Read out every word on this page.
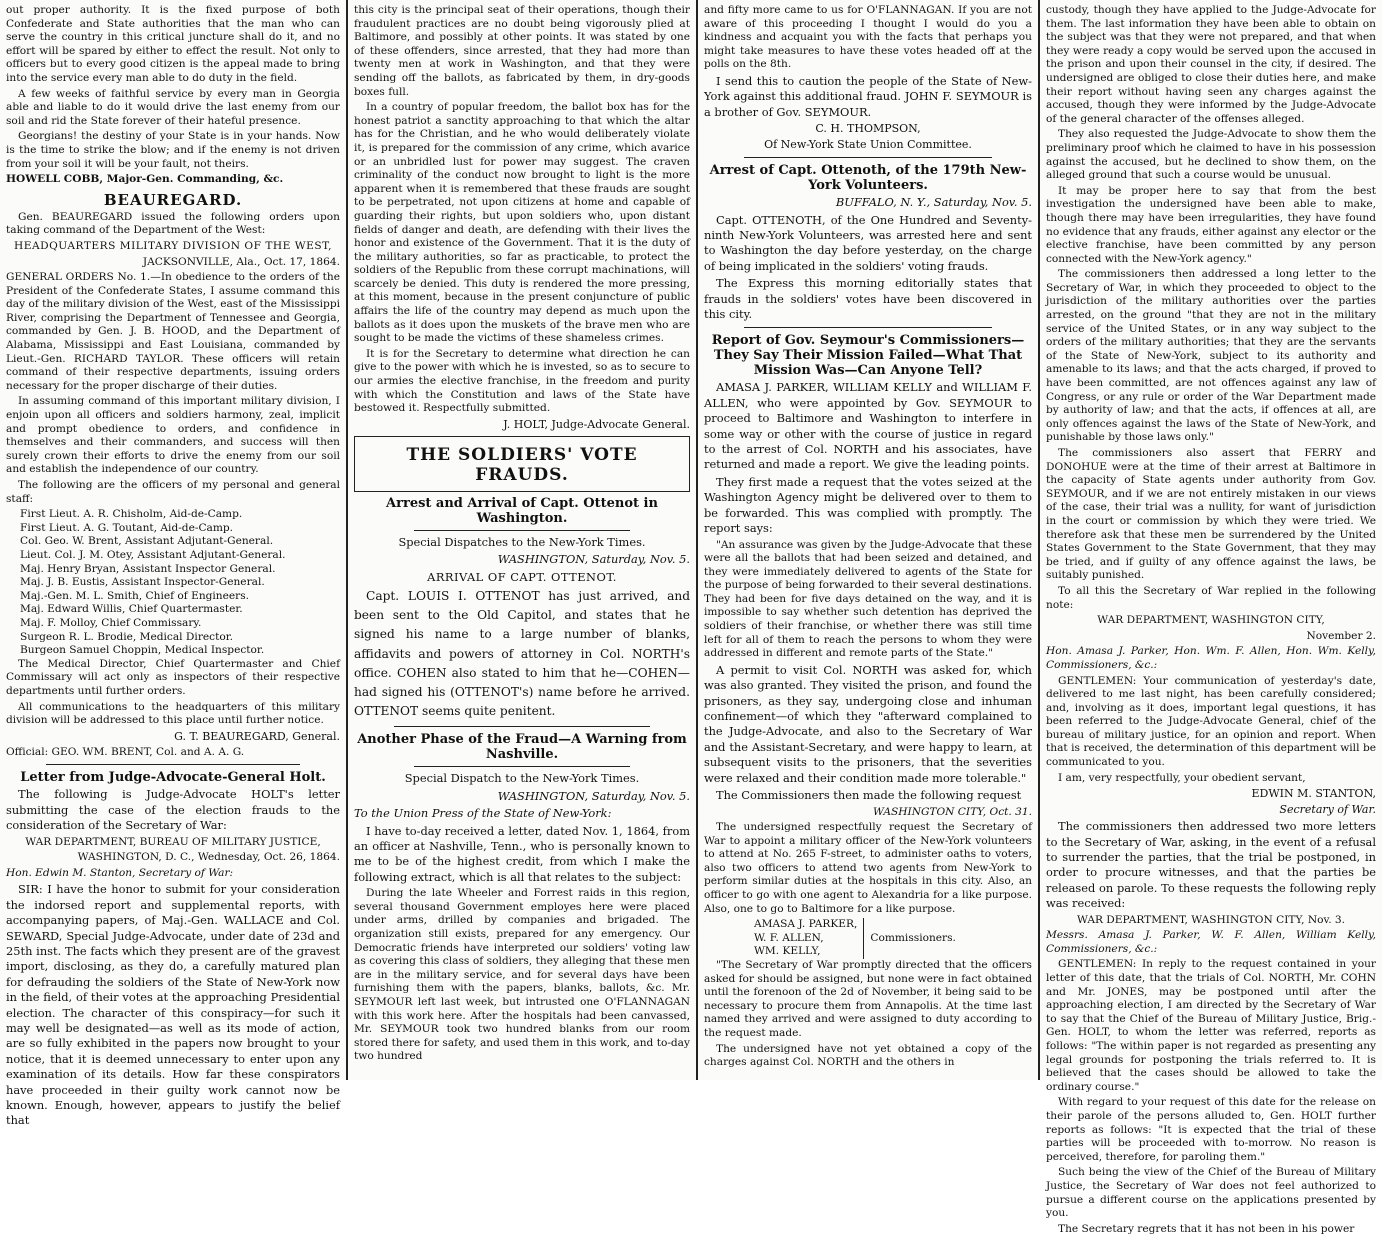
out proper authority. It is the fixed purpose of both Confederate and State authorities that the man who can serve the country in this critical juncture shall do it, and no effort will be spared by either to effect the result. Not only to officers but to every good citizen is the appeal made to bring into the service every man able to do duty in the field.

A few weeks of faithful service by every man in Georgia able and liable to do it would drive the last enemy from our soil and rid the State forever of their hateful presence.

Georgians! the destiny of your State is in your hands. Now is the time to strike the blow; and if the enemy is not driven from your soil it will be your fault, not theirs.

HOWELL COBB, Major-Gen. Commanding, &c.

BEAUREGARD.

Gen. BEAUREGARD issued the following orders upon taking command of the Department of the West:

HEADQUARTERS MILITARY DIVISION OF THE WEST,

JACKSONVILLE, Ala., Oct. 17, 1864.

GENERAL ORDERS No. 1.—In obedience to the orders of the President of the Confederate States, I assume command this day of the military division of the West, east of the Mississippi River, comprising the Department of Tennessee and Georgia, commanded by Gen. J. B. HOOD, and the Department of Alabama, Mississippi and East Louisiana, commanded by Lieut.-Gen. RICHARD TAYLOR. These officers will retain command of their respective departments, issuing orders necessary for the proper discharge of their duties.

In assuming command of this important military division, I enjoin upon all officers and soldiers harmony, zeal, implicit and prompt obedience to orders, and confidence in themselves and their commanders, and success will then surely crown their efforts to drive the enemy from our soil and establish the independence of our country.

The following are the officers of my personal and general staff:

First Lieut. A. R. Chisholm, Aid-de-Camp.
First Lieut. A. G. Toutant, Aid-de-Camp.
Col. Geo. W. Brent, Assistant Adjutant-General.
Lieut. Col. J. M. Otey, Assistant Adjutant-General.
Maj. Henry Bryan, Assistant Inspector General.
Maj. J. B. Eustis, Assistant Inspector-General.
Maj.-Gen. M. L. Smith, Chief of Engineers.
Maj. Edward Willis, Chief Quartermaster.
Maj. F. Molloy, Chief Commissary.
Surgeon R. L. Brodie, Medical Director.
Burgeon Samuel Choppin, Medical Inspector.

The Medical Director, Chief Quartermaster and Chief Commissary will act only as inspectors of their respective departments until further orders.

All communications to the headquarters of this military division will be addressed to this place until further notice.

G. T. BEAUREGARD, General.

Official: GEO. WM. BRENT, Col. and A. A. G.

Letter from Judge-Advocate-General Holt.

The following is Judge-Advocate HOLT's letter submitting the case of the election frauds to the consideration of the Secretary of War:

WAR DEPARTMENT, BUREAU OF MILITARY JUSTICE,

WASHINGTON, D. C., Wednesday, Oct. 26, 1864.

Hon. Edwin M. Stanton, Secretary of War:

SIR: I have the honor to submit for your consideration the indorsed report and supplemental reports, with accompanying papers, of Maj.-Gen. WALLACE and Col. SEWARD, Special Judge-Advocate, under date of 23d and 25th inst. The facts which they present are of the gravest import, disclosing, as they do, a carefully matured plan for defrauding the soldiers of the State of New-York now in the field, of their votes at the approaching Presidential election. The character of this conspiracy—for such it may well be designated—as well as its mode of action, are so fully exhibited in the papers now brought to your notice, that it is deemed unnecessary to enter upon any examination of its details. How far these conspirators have proceeded in their guilty work cannot now be known. Enough, however, appears to justify the belief that

this city is the principal seat of their operations, though their fraudulent practices are no doubt being vigorously plied at Baltimore, and possibly at other points. It was stated by one of these offenders, since arrested, that they had more than twenty men at work in Washington, and that they were sending off the ballots, as fabricated by them, in dry-goods boxes full.

In a country of popular freedom, the ballot box has for the honest patriot a sanctity approaching to that which the altar has for the Christian, and he who would deliberately violate it, is prepared for the commission of any crime, which avarice or an unbridled lust for power may suggest. The craven criminality of the conduct now brought to light is the more apparent when it is remembered that these frauds are sought to be perpetrated, not upon citizens at home and capable of guarding their rights, but upon soldiers who, upon distant fields of danger and death, are defending with their lives the honor and existence of the Government. That it is the duty of the military authorities, so far as practicable, to protect the soldiers of the Republic from these corrupt machinations, will scarcely be denied. This duty is rendered the more pressing, at this moment, because in the present conjuncture of public affairs the life of the country may depend as much upon the ballots as it does upon the muskets of the brave men who are sought to be made the victims of these shameless crimes.

It is for the Secretary to determine what direction he can give to the power with which he is invested, so as to secure to our armies the elective franchise, in the freedom and purity with which the Constitution and laws of the State have bestowed it. Respectfully submitted.

J. HOLT, Judge-Advocate General.

THE SOLDIERS' VOTE FRAUDS.
Arrest and Arrival of Capt. Ottenot in Washington.

Special Dispatches to the New-York Times.

WASHINGTON, Saturday, Nov. 5.

ARRIVAL OF CAPT. OTTENOT.

Capt. LOUIS I. OTTENOT has just arrived, and been sent to the Old Capitol, and states that he signed his name to a large number of blanks, affidavits and powers of attorney in Col. NORTH's office. COHEN also stated to him that he—COHEN—had signed his (OTTENOT's) name before he arrived. OTTENOT seems quite penitent.

Another Phase of the Fraud—A Warning from Nashville.

Special Dispatch to the New-York Times.

WASHINGTON, Saturday, Nov. 5.

To the Union Press of the State of New-York:

I have to-day received a letter, dated Nov. 1, 1864, from an officer at Nashville, Tenn., who is personally known to me to be of the highest credit, from which I make the following extract, which is all that relates to the subject:

During the late Wheeler and Forrest raids in this region, several thousand Government employes here were placed under arms, drilled by companies and brigaded. The organization still exists, prepared for any emergency. Our Democratic friends have interpreted our soldiers' voting law as covering this class of soldiers, they alleging that these men are in the military service, and for several days have been furnishing them with the papers, blanks, ballots, &c. Mr. SEYMOUR left last week, but intrusted one O'FLANNAGAN with this work here. After the hospitals had been canvassed, Mr. SEYMOUR took two hundred blanks from our room stored there for safety, and used them in this work, and to-day two hundred

and fifty more came to us for O'FLANNAGAN. If you are not aware of this proceeding I thought I would do you a kindness and acquaint you with the facts that perhaps you might take measures to have these votes headed off at the polls on the 8th.

I send this to caution the people of the State of New-York against this additional fraud. JOHN F. SEYMOUR is a brother of Gov. SEYMOUR.

C. H. THOMPSON,

Of New-York State Union Committee.

Arrest of Capt. Ottenoth, of the 179th New-York Volunteers.

BUFFALO, N. Y., Saturday, Nov. 5.

Capt. OTTENOTH, of the One Hundred and Seventy-ninth New-York Volunteers, was arrested here and sent to Washington the day before yesterday, on the charge of being implicated in the soldiers' voting frauds.

The Express this morning editorially states that frauds in the soldiers' votes have been discovered in this city.

Report of Gov. Seymour's Commissioners—They Say Their Mission Failed—What That Mission Was—Can Anyone Tell?

AMASA J. PARKER, WILLIAM KELLY and WILLIAM F. ALLEN, who were appointed by Gov. SEYMOUR to proceed to Baltimore and Washington to interfere in some way or other with the course of justice in regard to the arrest of Col. NORTH and his associates, have returned and made a report. We give the leading points.

They first made a request that the votes seized at the Washington Agency might be delivered over to them to be forwarded. This was complied with promptly. The report says:

"An assurance was given by the Judge-Advocate that these were all the ballots that had been seized and detained, and they were immediately delivered to agents of the State for the purpose of being forwarded to their several destinations. They had been for five days detained on the way, and it is impossible to say whether such detention has deprived the soldiers of their franchise, or whether there was still time left for all of them to reach the persons to whom they were addressed in different and remote parts of the State."

A permit to visit Col. NORTH was asked for, which was also granted. They visited the prison, and found the prisoners, as they say, undergoing close and inhuman confinement—of which they "afterward complained to the Judge-Advocate, and also to the Secretary of War and the Assistant-Secretary, and were happy to learn, at subsequent visits to the prisoners, that the severities were relaxed and their condition made more tolerable."

The Commissioners then made the following request

WASHINGTON CITY, Oct. 31.

The undersigned respectfully request the Secretary of War to appoint a military officer of the New-York volunteers to attend at No. 265 F-street, to administer oaths to voters, also two officers to attend two agents from New-York to perform similar duties at the hospitals in this city. Also, an officer to go with one agent to Alexandria for a like purpose. Also, one to go to Baltimore for a like purpose.

AMASA J. PARKER,
W. F. ALLEN,
WM. KELLY,
Commissioners.

"The Secretary of War promptly directed that the officers asked for should be assigned, but none were in fact obtained until the forenoon of the 2d of November, it being said to be necessary to procure them from Annapolis. At the time last named they arrived and were assigned to duty according to the request made.

The undersigned have not yet obtained a copy of the charges against Col. NORTH and the others in

custody, though they have applied to the Judge-Advocate for them. The last information they have been able to obtain on the subject was that they were not prepared, and that when they were ready a copy would be served upon the accused in the prison and upon their counsel in the city, if desired. The undersigned are obliged to close their duties here, and make their report without having seen any charges against the accused, though they were informed by the Judge-Advocate of the general character of the offenses alleged.

They also requested the Judge-Advocate to show them the preliminary proof which he claimed to have in his possession against the accused, but he declined to show them, on the alleged ground that such a course would be unusual.

It may be proper here to say that from the best investigation the undersigned have been able to make, though there may have been irregularities, they have found no evidence that any frauds, either against any elector or the elective franchise, have been committed by any person connected with the New-York agency."

The commissioners then addressed a long letter to the Secretary of War, in which they proceeded to object to the jurisdiction of the military authorities over the parties arrested, on the ground "that they are not in the military service of the United States, or in any way subject to the orders of the military authorities; that they are the servants of the State of New-York, subject to its authority and amenable to its laws; and that the acts charged, if proved to have been committed, are not offences against any law of Congress, or any rule or order of the War Department made by authority of law; and that the acts, if offences at all, are only offences against the laws of the State of New-York, and punishable by those laws only."

The commissioners also assert that FERRY and DONOHUE were at the time of their arrest at Baltimore in the capacity of State agents under authority from Gov. SEYMOUR, and if we are not entirely mistaken in our views of the case, their trial was a nullity, for want of jurisdiction in the court or commission by which they were tried. We therefore ask that these men be surrendered by the United States Government to the State Government, that they may be tried, and if guilty of any offence against the laws, be suitably punished.

To all this the Secretary of War replied in the following note:

WAR DEPARTMENT, WASHINGTON CITY,

November 2.

Hon. Amasa J. Parker, Hon. Wm. F. Allen, Hon. Wm. Kelly, Commissioners, &c.:

GENTLEMEN: Your communication of yesterday's date, delivered to me last night, has been carefully considered; and, involving as it does, important legal questions, it has been referred to the Judge-Advocate General, chief of the bureau of military justice, for an opinion and report. When that is received, the determination of this department will be communicated to you.

I am, very respectfully, your obedient servant,

EDWIN M. STANTON,

Secretary of War.

The commissioners then addressed two more letters to the Secretary of War, asking, in the event of a refusal to surrender the parties, that the trial be postponed, in order to procure witnesses, and that the parties be released on parole. To these requests the following reply was received:

WAR DEPARTMENT, WASHINGTON CITY, Nov. 3.

Messrs. Amasa J. Parker, W. F. Allen, William Kelly, Commissioners, &c.:

GENTLEMEN: In reply to the request contained in your letter of this date, that the trials of Col. NORTH, Mr. COHN and Mr. JONES, may be postponed until after the approaching election, I am directed by the Secretary of War to say that the Chief of the Bureau of Military Justice, Brig.-Gen. HOLT, to whom the letter was referred, reports as follows: "The within paper is not regarded as presenting any legal grounds for postponing the trials referred to. It is believed that the cases should be allowed to take the ordinary course."

With regard to your request of this date for the release on their parole of the persons alluded to, Gen. HOLT further reports as follows: "It is expected that the trial of these parties will be proceeded with to-morrow. No reason is perceived, therefore, for paroling them."

Such being the view of the Chief of the Bureau of Military Justice, the Secretary of War does not feel authorized to pursue a different course on the applications presented by you.

The Secretary regrets that it has not been in his power
